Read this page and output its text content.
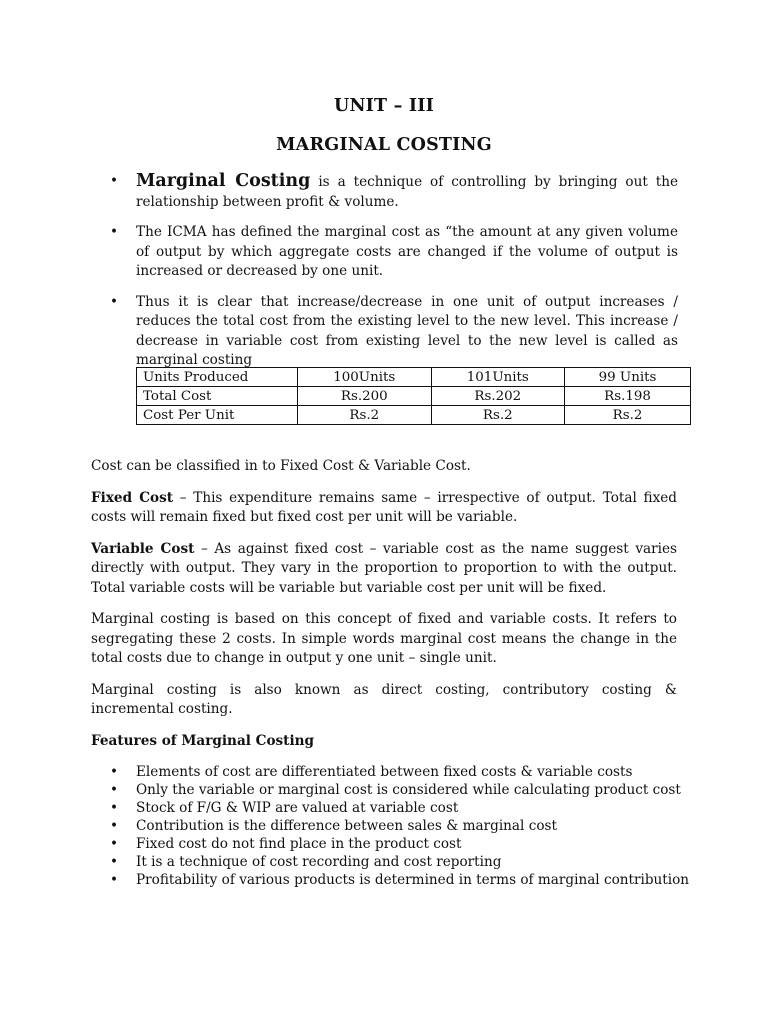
UNIT – III
MARGINAL COSTING
• Marginal Costing is a technique of controlling by bringing out the relationship between profit & volume.
• The ICMA has defined the marginal cost as “the amount at any given volume of output by which aggregate costs are changed if the volume of output is increased or decreased by one unit.
• Thus it is clear that increase/decrease in one unit of output increases / reduces the total cost from the existing level to the new level. This increase / decrease in variable cost from existing level to the new level is called as marginal costing
Units Produced	100Units	101Units	99 Units
Total Cost	Rs.200	Rs.202	Rs.198
Cost Per Unit	Rs.2	Rs.2	Rs.2

Cost can be classified in to Fixed Cost & Variable Cost.

Fixed Cost – This expenditure remains same – irrespective of output. Total fixed costs will remain fixed but fixed cost per unit will be variable.

Variable Cost – As against fixed cost – variable cost as the name suggest varies directly with output. They vary in the proportion to proportion to with the output. Total variable costs will be variable but variable cost per unit will be fixed.

Marginal costing is based on this concept of fixed and variable costs. It refers to segregating these 2 costs. In simple words marginal cost means the change in the total costs due to change in output y one unit – single unit.

Marginal costing is also known as direct costing, contributory costing & incremental costing.

Features of Marginal Costing

• Elements of cost are differentiated between fixed costs & variable costs
• Only the variable or marginal cost is considered while calculating product cost
• Stock of F/G & WIP are valued at variable cost
• Contribution is the difference between sales & marginal cost
• Fixed cost do not find place in the product cost
• It is a technique of cost recording and cost reporting
• Profitability of various products is determined in terms of marginal contribution
